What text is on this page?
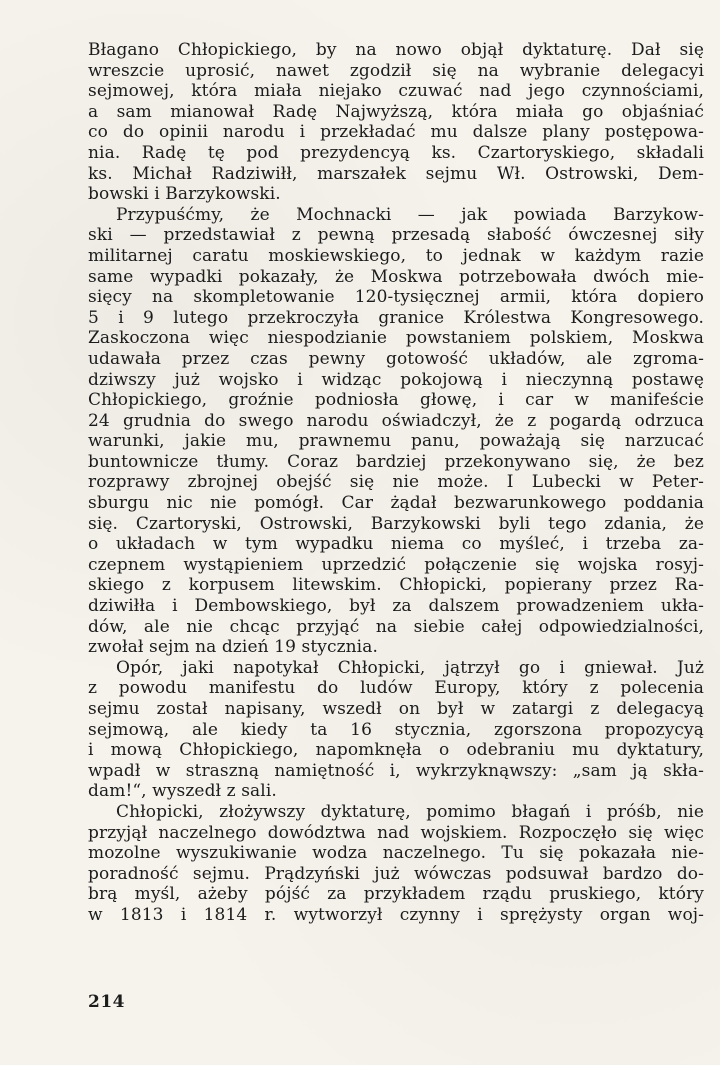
Błagano Chłopickiego, by na nowo objął dyktaturę. Dał się
wreszcie uprosić, nawet zgodził się na wybranie delegacyi
sejmowej, która miała niejako czuwać nad jego czynnościami,
a sam mianował Radę Najwyższą, która miała go objaśniać
co do opinii narodu i przekładać mu dalsze plany postępowa-
nia. Radę tę pod prezydencyą ks. Czartoryskiego, składali
ks. Michał Radziwiłł, marszałek sejmu Wł. Ostrowski, Dem-
bowski i Barzykowski.
Przypuśćmy, że Mochnacki — jak powiada Barzykow-
ski — przedstawiał z pewną przesadą słabość ówczesnej siły
militarnej caratu moskiewskiego, to jednak w każdym razie
same wypadki pokazały, że Moskwa potrzebowała dwóch mie-
sięcy na skompletowanie 120-tysięcznej armii, która dopiero
5 i 9 lutego przekroczyła granice Królestwa Kongresowego.
Zaskoczona więc niespodzianie powstaniem polskiem, Moskwa
udawała przez czas pewny gotowość układów, ale zgroma-
dziwszy już wojsko i widząc pokojową i nieczynną postawę
Chłopickiego, groźnie podniosła głowę, i car w manifeście
24 grudnia do swego narodu oświadczył, że z pogardą odrzuca
warunki, jakie mu, prawnemu panu, poważają się narzucać
buntownicze tłumy. Coraz bardziej przekonywano się, że bez
rozprawy zbrojnej obejść się nie może. I Lubecki w Peter-
sburgu nic nie pomógł. Car żądał bezwarunkowego poddania
się. Czartoryski, Ostrowski, Barzykowski byli tego zdania, że
o układach w tym wypadku niema co myśleć, i trzeba za-
czepnem wystąpieniem uprzedzić połączenie się wojska rosyj-
skiego z korpusem litewskim. Chłopicki, popierany przez Ra-
dziwiłła i Dembowskiego, był za dalszem prowadzeniem ukła-
dów, ale nie chcąc przyjąć na siebie całej odpowiedzialności,
zwołał sejm na dzień 19 stycznia.
Opór, jaki napotykał Chłopicki, jątrzył go i gniewał. Już
z powodu manifestu do ludów Europy, który z polecenia
sejmu został napisany, wszedł on był w zatargi z delegacyą
sejmową, ale kiedy ta 16 stycznia, zgorszona propozycyą
i mową Chłopickiego, napomknęła o odebraniu mu dyktatury,
wpadł w straszną namiętność i, wykrzyknąwszy: „sam ją skła-
dam!“, wyszedł z sali.
Chłopicki, złożywszy dyktaturę, pomimo błagań i próśb, nie
przyjął naczelnego dowództwa nad wojskiem. Rozpoczęło się więc
mozolne wyszukiwanie wodza naczelnego. Tu się pokazała nie-
poradność sejmu. Prądzyński już wówczas podsuwał bardzo do-
brą myśl, ażeby pójść za przykładem rządu pruskiego, który
w 1813 i 1814 r. wytworzył czynny i sprężysty organ woj-
214
